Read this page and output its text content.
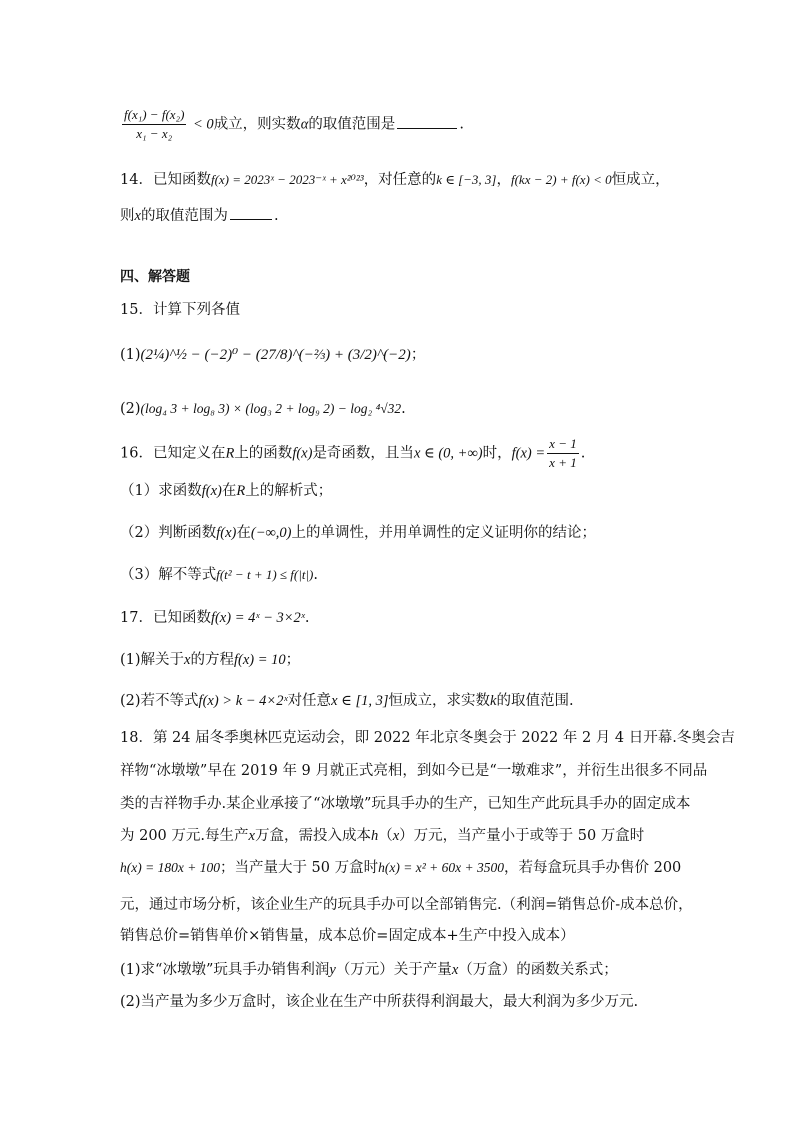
$\frac{\text{f(x₁) − f(x₂)}}{\text{x₁ − x₂}} < 0$成立，则实数α的取值范围是	.
14．已知函数f(x) = 2023ˣ − 2023⁻ˣ + x²⁰²³，对任意的k ∈ [−3, 3]，f(kx − 2) + f(x) < 0恒成立，
则x的取值范围为	.
四、解答题
15．计算下列各值
(1)(2¼)^½ − (−2)⁰ − (27/8)^(−⅔) + (3/2)^(−2)；
(2)(log₄ 3 + log₈ 3) × (log₃ 2 + log₉ 2) − log₂ ⁴√32.
16．已知定义在R上的函数f(x)是奇函数，且当x ∈ (0, +∞)时，$f(x) = \frac{x - 1}{x + 1}$ .
（1）求函数f(x)在R上的解析式；
（2）判断函数f(x)在(−∞,0)上的单调性，并用单调性的定义证明你的结论；
（3）解不等式f(t² − t + 1) ≤ f(|t|).
17．已知函数f(x) = 4ˣ − 3×2ˣ.
(1)解关于x的方程f(x) = 10；
(2)若不等式f(x) > k − 4×2ˣ对任意x ∈ [1, 3]恒成立，求实数k的取值范围.
18．第 24 届冬季奥林匹克运动会，即 2022 年北京冬奥会于 2022 年 2 月 4 日开幕.冬奥会吉
祥物“冰墩墩”早在 2019 年 9 月就正式亮相，到如今已是“一墩难求”，并衍生出很多不同品
类的吉祥物手办.某企业承接了“冰墩墩”玩具手办的生产，已知生产此玩具手办的固定成本
为 200 万元.每生产x万盒，需投入成本h（x）万元，当产量小于或等于 50 万盒时
h(x) = 180x + 100；当产量大于 50 万盒时h(x) = x² + 60x + 3500，若每盒玩具手办售价 200
元，通过市场分析，该企业生产的玩具手办可以全部销售完.（利润=销售总价-成本总价，
销售总价=销售单价×销售量，成本总价=固定成本+生产中投入成本）
(1)求“冰墩墩”玩具手办销售利润y（万元）关于产量x（万盒）的函数关系式；
(2)当产量为多少万盒时，该企业在生产中所获得利润最大，最大利润为多少万元.
